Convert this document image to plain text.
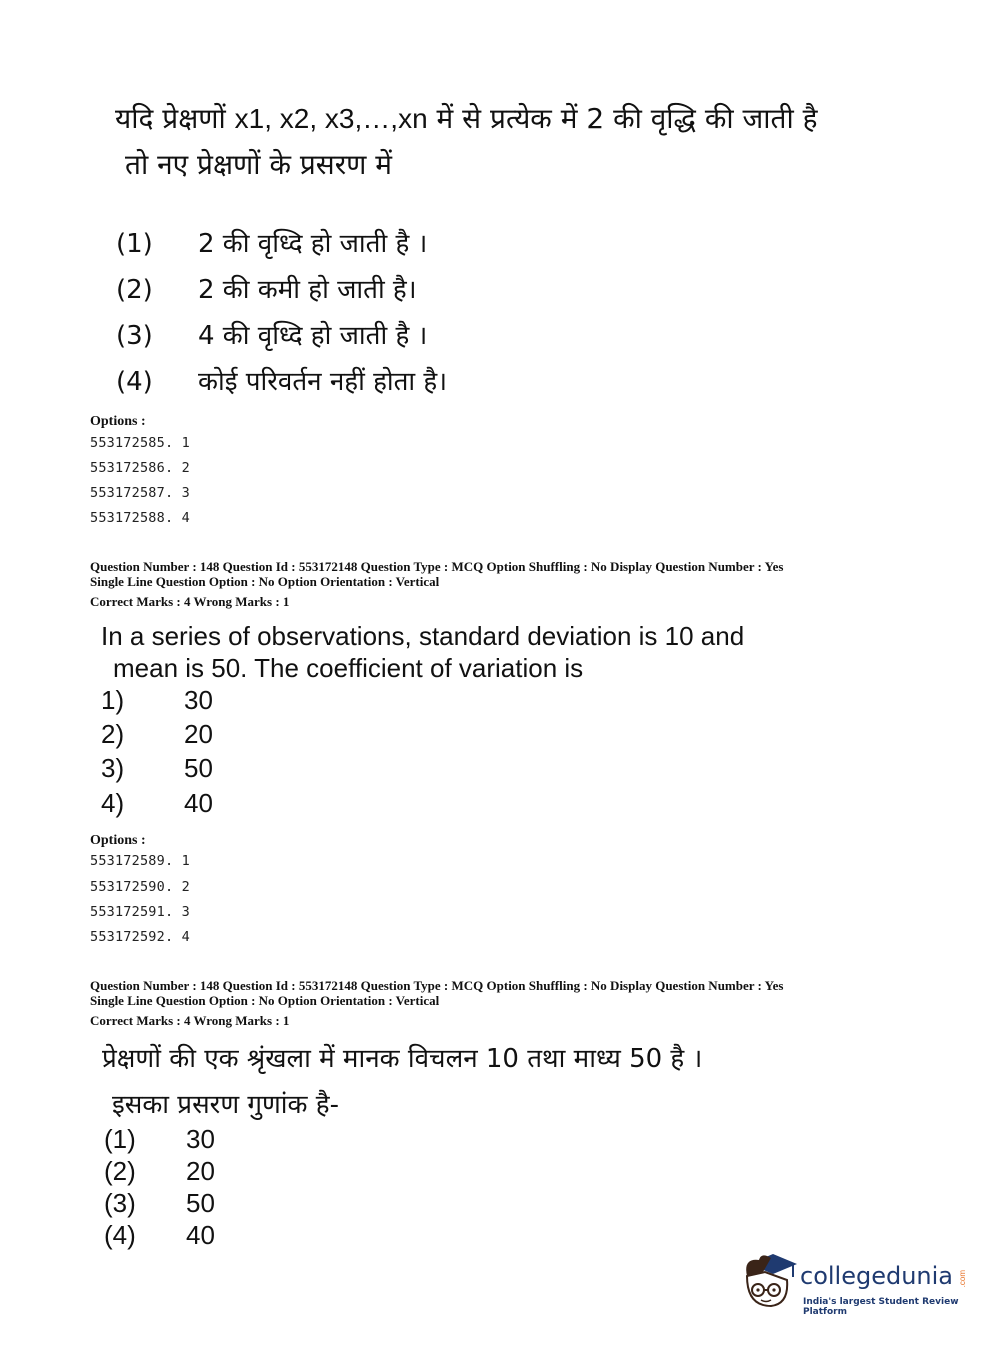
यदि प्रेक्षणों x1, x2, x3,…,xn में से प्रत्येक में 2 की वृद्धि की जाती है
तो नए प्रेक्षणों के प्रसरण में
(1) 2 की वृध्दि हो जाती है ।
(2) 2 की कमी हो जाती है।
(3) 4 की वृध्दि हो जाती है ।
(4) कोई परिवर्तन नहीं होता है।
Options :
553172585. 1
553172586. 2
553172587. 3
553172588. 4
Question Number : 148 Question Id : 553172148 Question Type : MCQ Option Shuffling : No Display Question Number : Yes
Single Line Question Option : No Option Orientation : Vertical
Correct Marks : 4 Wrong Marks : 1
In a series of observations, standard deviation is 10 and
mean is 50. The coefficient of variation is
1) 30
2) 20
3) 50
4) 40
Options :
553172589. 1
553172590. 2
553172591. 3
553172592. 4
Question Number : 148 Question Id : 553172148 Question Type : MCQ Option Shuffling : No Display Question Number : Yes
Single Line Question Option : No Option Orientation : Vertical
Correct Marks : 4 Wrong Marks : 1
प्रेक्षणों की एक श्रृंखला में मानक विचलन 10 तथा माध्य 50 है ।
इसका प्रसरण गुणांक है-
(1) 30
(2) 20
(3) 50
(4) 40
collegedunia .com
India's largest Student Review Platform
